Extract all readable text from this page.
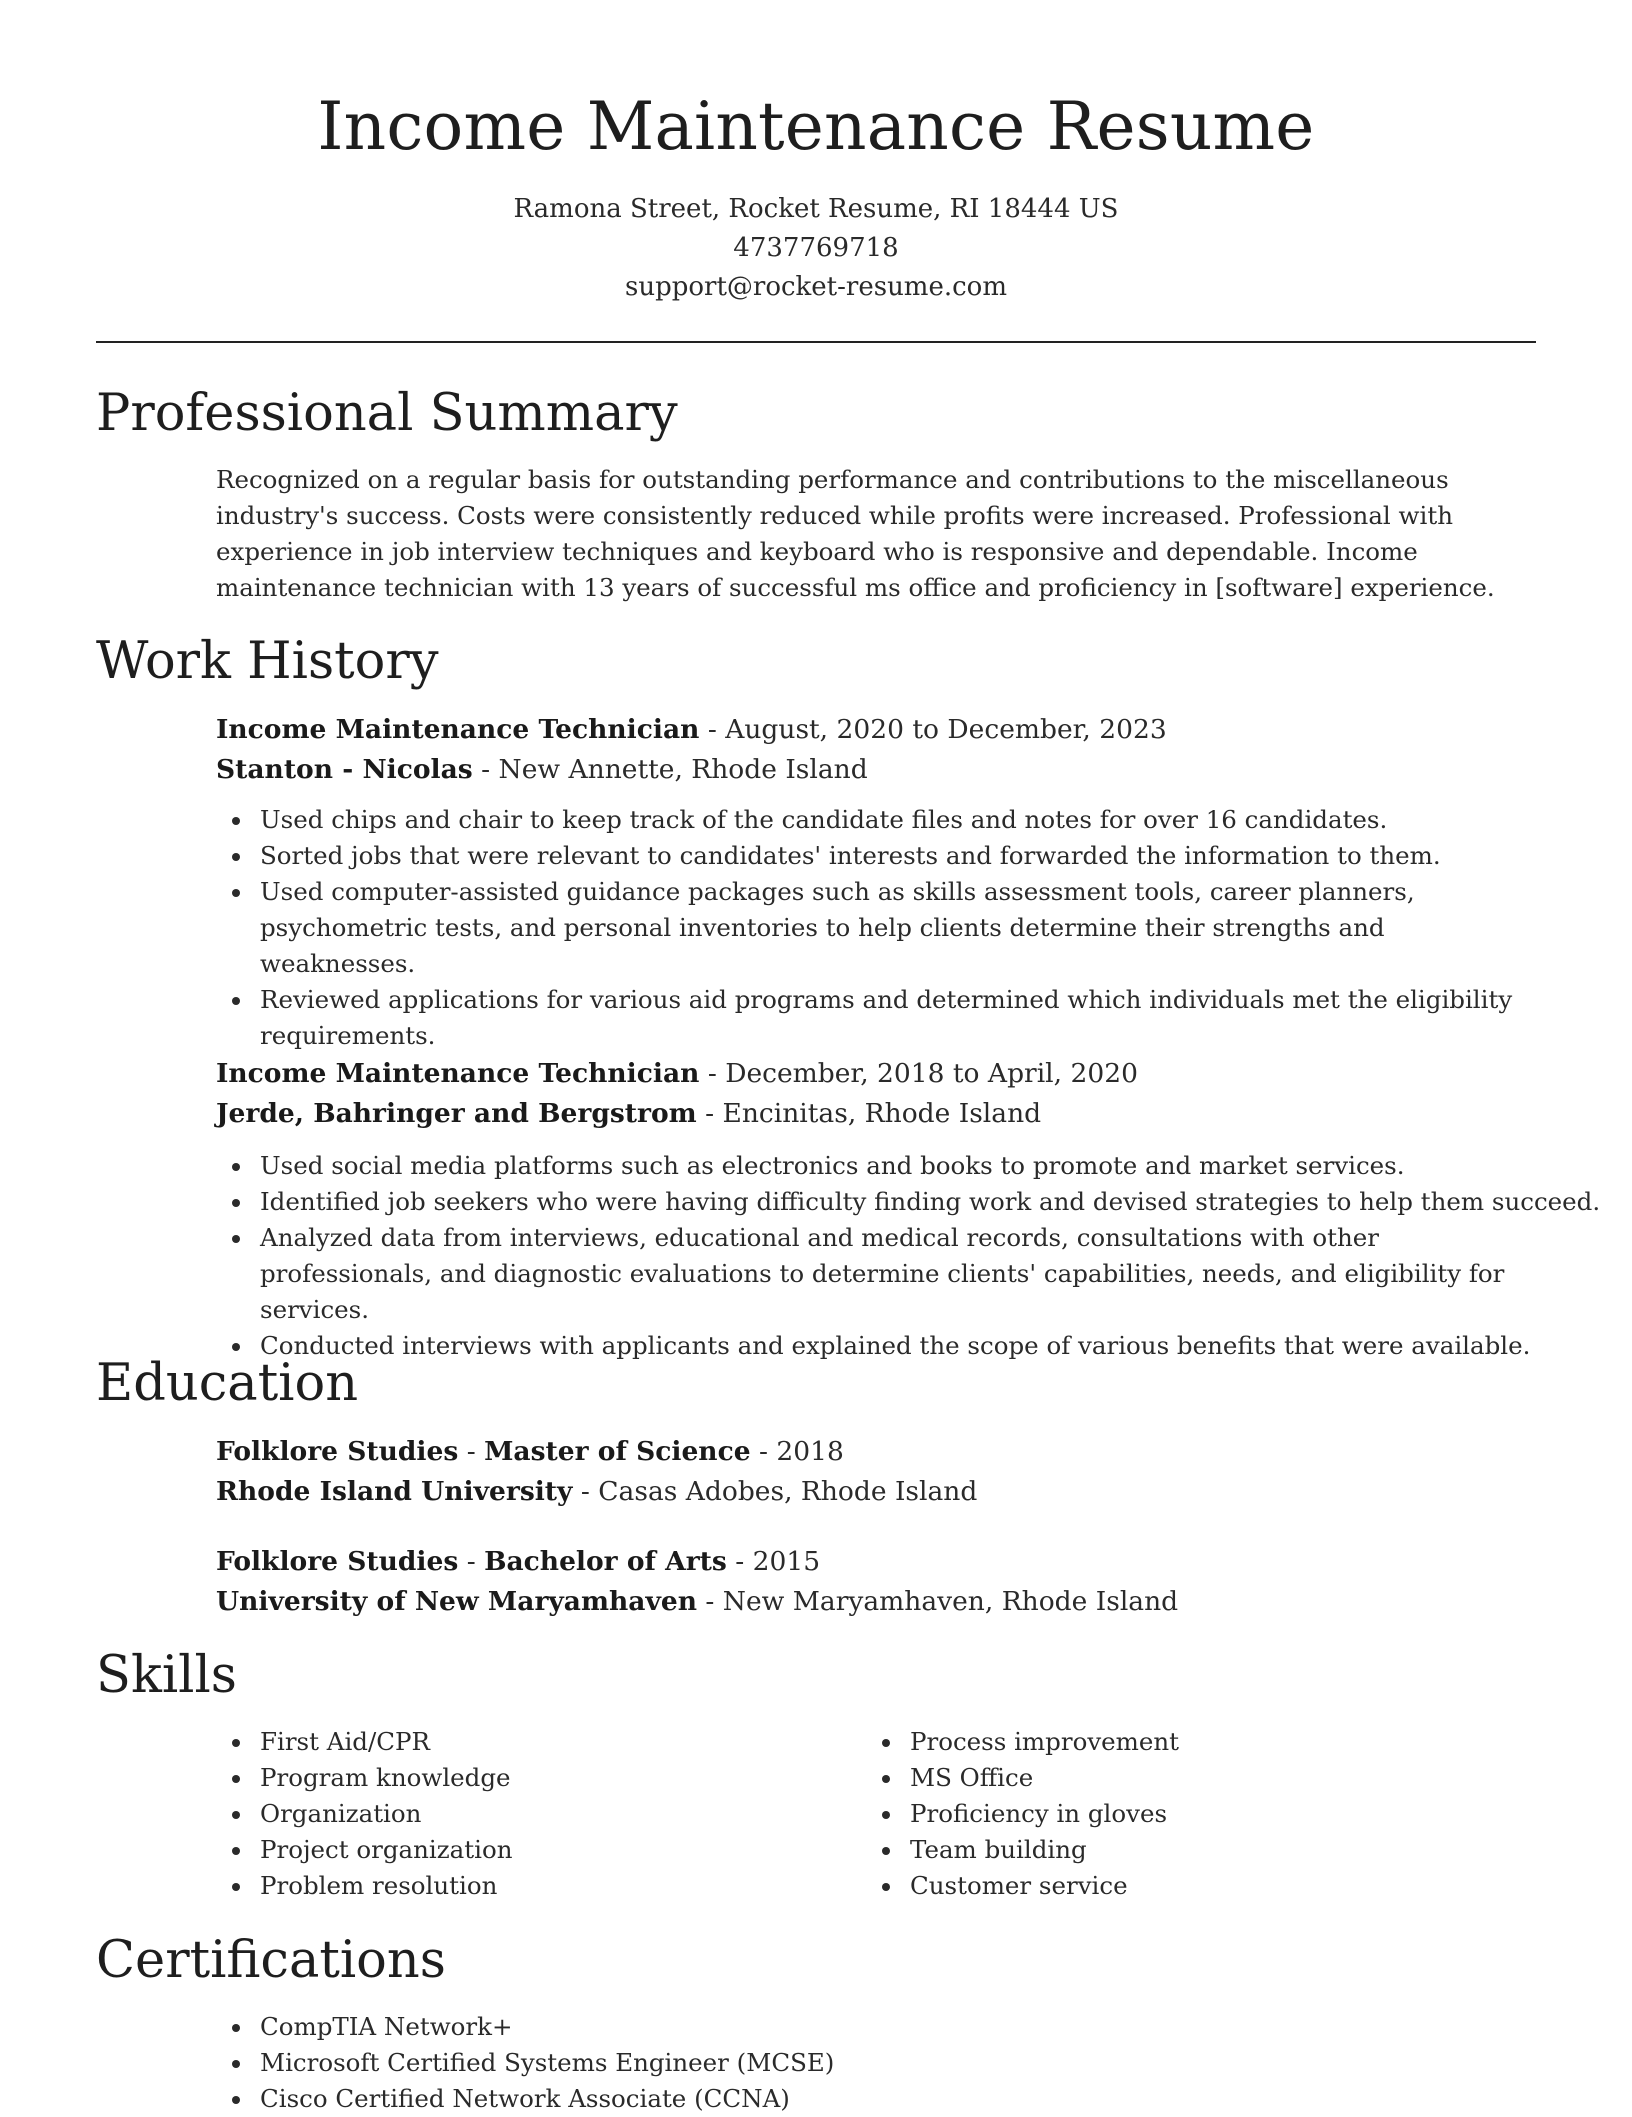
Income Maintenance Resume
Ramona Street, Rocket Resume, RI 18444 US
4737769718
support@rocket-resume.com
Professional Summary
Recognized on a regular basis for outstanding performance and contributions to the miscellaneous industry's success. Costs were consistently reduced while profits were increased. Professional with experience in job interview techniques and keyboard who is responsive and dependable. Income maintenance technician with 13 years of successful ms office and proficiency in [software] experience.
Work History
Income Maintenance Technician - August, 2020 to December, 2023
Stanton - Nicolas - New Annette, Rhode Island
Used chips and chair to keep track of the candidate files and notes for over 16 candidates.
Sorted jobs that were relevant to candidates' interests and forwarded the information to them.
Used computer-assisted guidance packages such as skills assessment tools, career planners, psychometric tests, and personal inventories to help clients determine their strengths and weaknesses.
Reviewed applications for various aid programs and determined which individuals met the eligibility requirements.
Income Maintenance Technician - December, 2018 to April, 2020
Jerde, Bahringer and Bergstrom - Encinitas, Rhode Island
Used social media platforms such as electronics and books to promote and market services.
Identified job seekers who were having difficulty finding work and devised strategies to help them succeed.
Analyzed data from interviews, educational and medical records, consultations with other professionals, and diagnostic evaluations to determine clients' capabilities, needs, and eligibility for services.
Conducted interviews with applicants and explained the scope of various benefits that were available.
Education
Folklore Studies - Master of Science - 2018
Rhode Island University - Casas Adobes, Rhode Island
Folklore Studies - Bachelor of Arts - 2015
University of New Maryamhaven - New Maryamhaven, Rhode Island
Skills
First Aid/CPR
Program knowledge
Organization
Project organization
Problem resolution
Process improvement
MS Office
Proficiency in gloves
Team building
Customer service
Certifications
CompTIA Network+
Microsoft Certified Systems Engineer (MCSE)
Cisco Certified Network Associate (CCNA)
